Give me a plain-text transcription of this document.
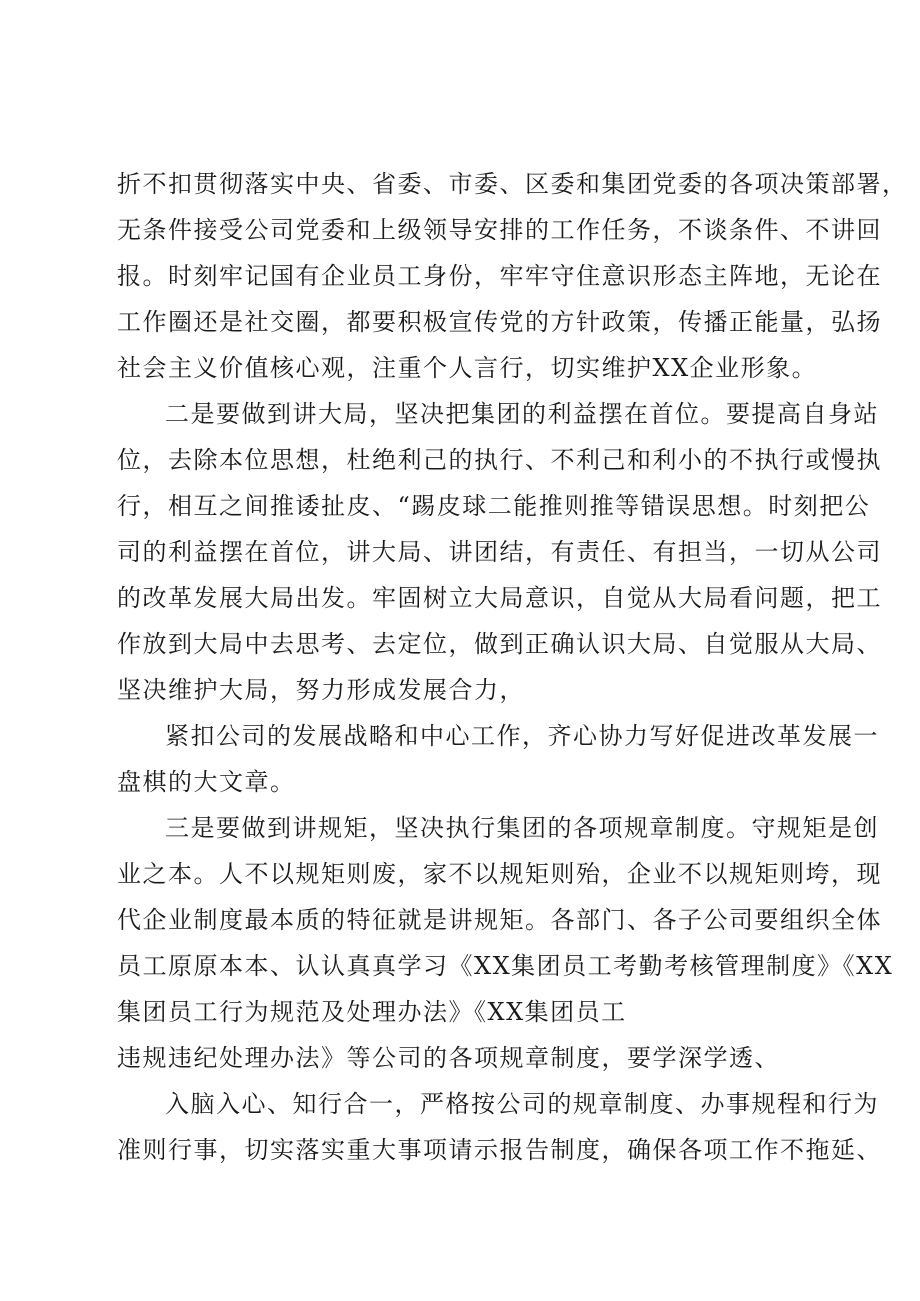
折不扣贯彻落实中央、省委、市委、区委和集团党委的各项决策部署，
无条件接受公司党委和上级领导安排的工作任务，不谈条件、不讲回
报。时刻牢记国有企业员工身份，牢牢守住意识形态主阵地，无论在
工作圈还是社交圈，都要积极宣传党的方针政策，传播正能量，弘扬
社会主义价值核心观，注重个人言行，切实维护XX企业形象。
二是要做到讲大局，坚决把集团的利益摆在首位。要提高自身站
位，去除本位思想，杜绝利己的执行、不利己和利小的不执行或慢执
行，相互之间推诿扯皮、“踢皮球二能推则推等错误思想。时刻把公
司的利益摆在首位，讲大局、讲团结，有责任、有担当，一切从公司
的改革发展大局出发。牢固树立大局意识，自觉从大局看问题，把工
作放到大局中去思考、去定位，做到正确认识大局、自觉服从大局、
坚决维护大局，努力形成发展合力，
紧扣公司的发展战略和中心工作，齐心协力写好促进改革发展一
盘棋的大文章。
三是要做到讲规矩，坚决执行集团的各项规章制度。守规矩是创
业之本。人不以规矩则废，家不以规矩则殆，企业不以规矩则垮，现
代企业制度最本质的特征就是讲规矩。各部门、各子公司要组织全体
员工原原本本、认认真真学习《XX集团员工考勤考核管理制度》《XX
集团员工行为规范及处理办法》《XX集团员工
违规违纪处理办法》等公司的各项规章制度，要学深学透、
入脑入心、知行合一，严格按公司的规章制度、办事规程和行为
准则行事，切实落实重大事项请示报告制度，确保各项工作不拖延、
